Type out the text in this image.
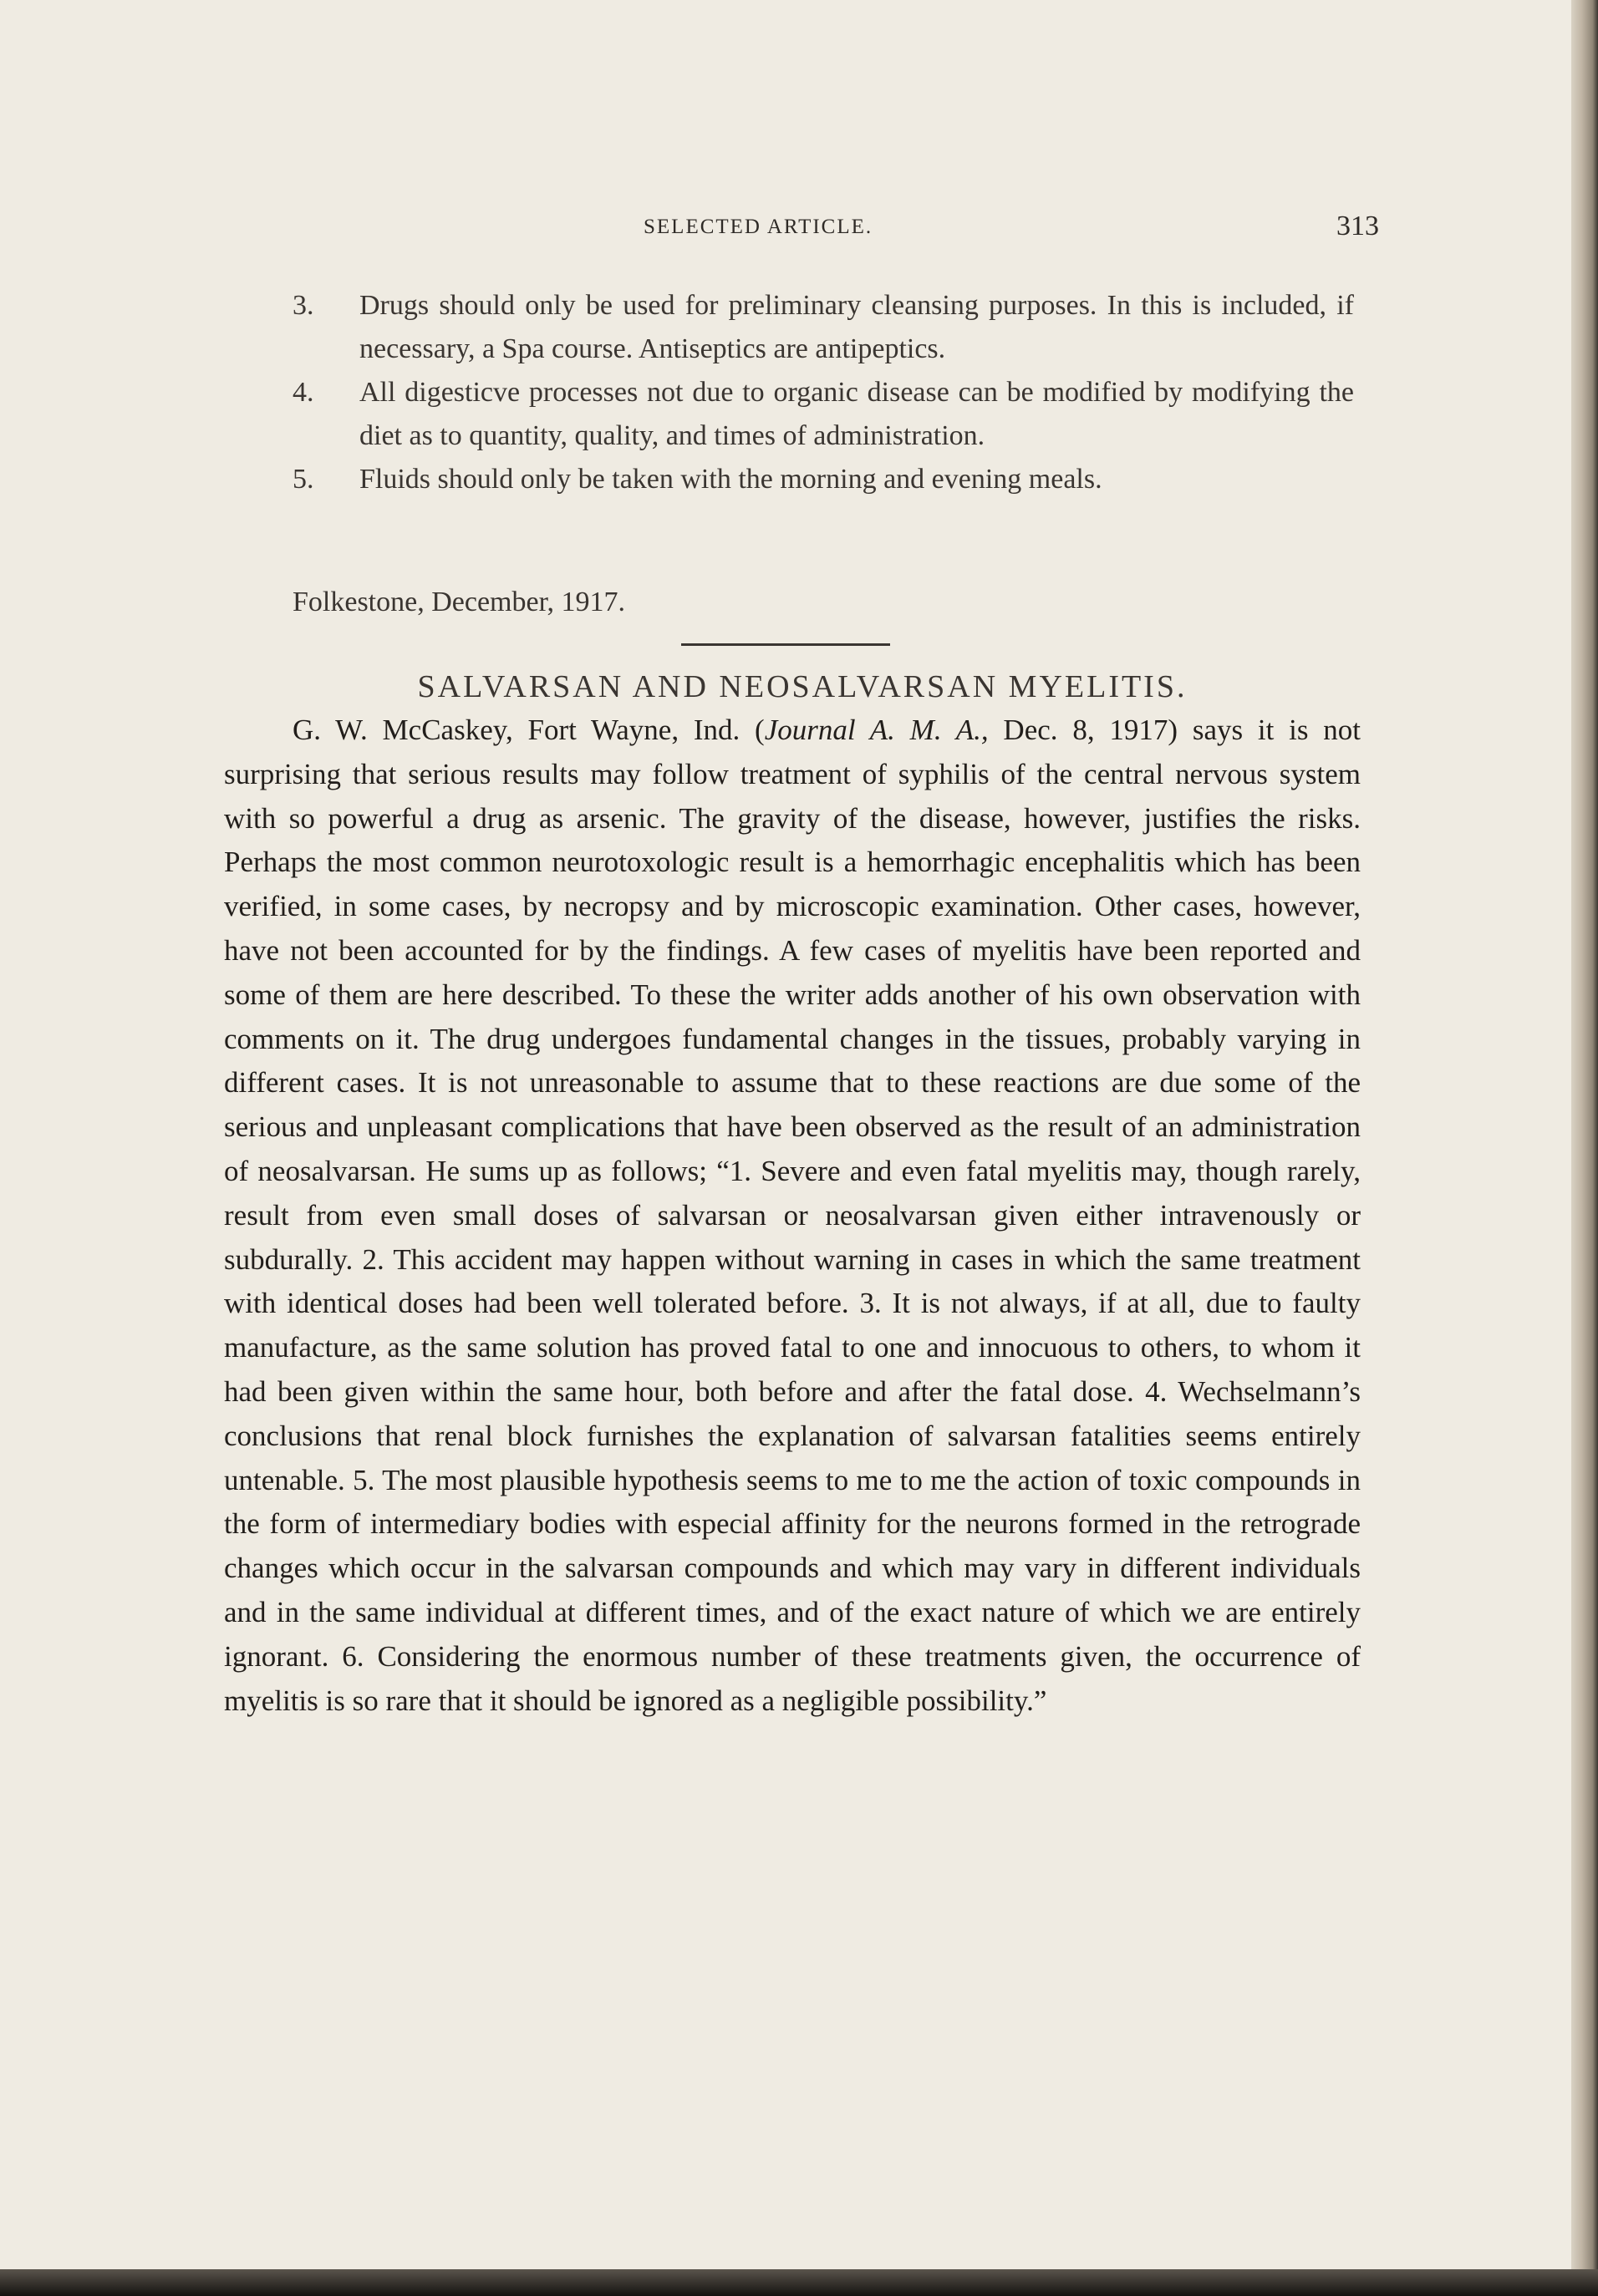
SELECTED ARTICLE.	313
3. Drugs should only be used for preliminary cleansing purposes. In this is included, if necessary, a Spa course. Antiseptics are antipeptics.
4. All digesticve processes not due to organic disease can be modified by modifying the diet as to quantity, quality, and times of administration.
5. Fluids should only be taken with the morning and evening meals.
Folkestone, December, 1917.
SALVARSAN AND NEOSALVARSAN MYELITIS.

G. W. McCaskey, Fort Wayne, Ind. (Journal A. M. A., Dec. 8, 1917) says it is not surprising that serious results may follow treatment of syphilis of the central nervous system with so powerful a drug as arsenic. The gravity of the disease, however, justifies the risks. Perhaps the most common neurotoxologic result is a hemorrhagic encephalitis which has been verified, in some cases, by necropsy and by microscopic examination. Other cases, however, have not been accounted for by the findings. A few cases of myelitis have been reported and some of them are here described. To these the writer adds another of his own observation with comments on it. The drug undergoes fundamental changes in the tissues, probably varying in different cases. It is not unreasonable to assume that to these reactions are due some of the serious and unpleasant complications that have been observed as the result of an administration of neosalvarsan. He sums up as follows; “1. Severe and even fatal myelitis may, though rarely, result from even small doses of salvarsan or neosalvarsan given either intravenously or subdurally. 2. This accident may happen without warning in cases in which the same treatment with identical doses had been well tolerated before. 3. It is not always, if at all, due to faulty manufacture, as the same solution has proved fatal to one and innocuous to others, to whom it had been given within the same hour, both before and after the fatal dose. 4. Wechselmann’s conclusions that renal block furnishes the explanation of salvarsan fatalities seems entirely untenable. 5. The most plausible hypothesis seems to me to me the action of toxic compounds in the form of intermediary bodies with especial affinity for the neurons formed in the retrograde changes which occur in the salvarsan compounds and which may vary in different individuals and in the same individual at different times, and of the exact nature of which we are entirely ignorant. 6. Considering the enormous number of these treatments given, the occurrence of myelitis is so rare that it should be ignored as a negligible possibility.”
